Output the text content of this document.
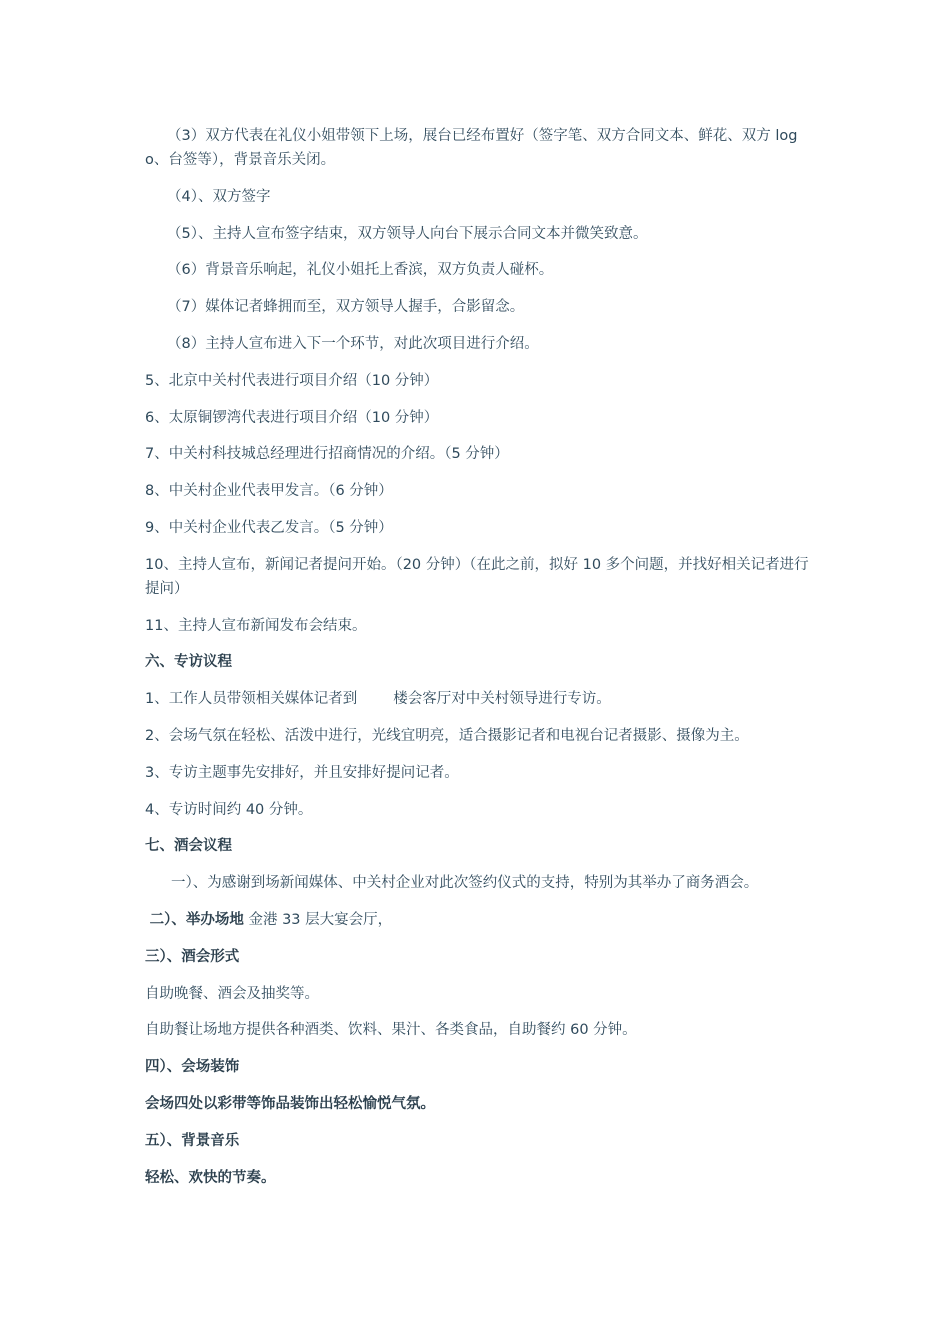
（3）双方代表在礼仪小姐带领下上场，展台已经布置好（签字笔、双方合同文本、鲜花、双方 logo、台签等），背景音乐关闭。

（4）、双方签字

（5）、主持人宣布签字结束，双方领导人向台下展示合同文本并微笑致意。

（6）背景音乐响起，礼仪小姐托上香滨，双方负责人碰杯。

（7）媒体记者蜂拥而至，双方领导人握手，合影留念。

（8）主持人宣布进入下一个环节，对此次项目进行介绍。

5、北京中关村代表进行项目介绍（10 分钟）

6、太原铜锣湾代表进行项目介绍（10 分钟）

7、中关村科技城总经理进行招商情况的介绍。（5 分钟）

8、中关村企业代表甲发言。（6 分钟）

9、中关村企业代表乙发言。（5 分钟）

10、主持人宣布，新闻记者提问开始。（20 分钟）（在此之前，拟好 10 多个问题，并找好相关记者进行提问）

11、主持人宣布新闻发布会结束。

六、专访议程

1、工作人员带领相关媒体记者到 楼会客厅对中关村领导进行专访。

2、会场气氛在轻松、活泼中进行，光线宜明亮，适合摄影记者和电视台记者摄影、摄像为主。

3、专访主题事先安排好，并且安排好提问记者。

4、专访时间约 40 分钟。

七、酒会议程

一）、为感谢到场新闻媒体、中关村企业对此次签约仪式的支持，特别为其举办了商务酒会。

二）、举办场地 金港 33 层大宴会厅，

三）、酒会形式

自助晚餐、酒会及抽奖等。

自助餐让场地方提供各种酒类、饮料、果汁、各类食品，自助餐约 60 分钟。

四）、会场装饰

会场四处以彩带等饰品装饰出轻松愉悦气氛。

五）、背景音乐

轻松、欢快的节奏。
